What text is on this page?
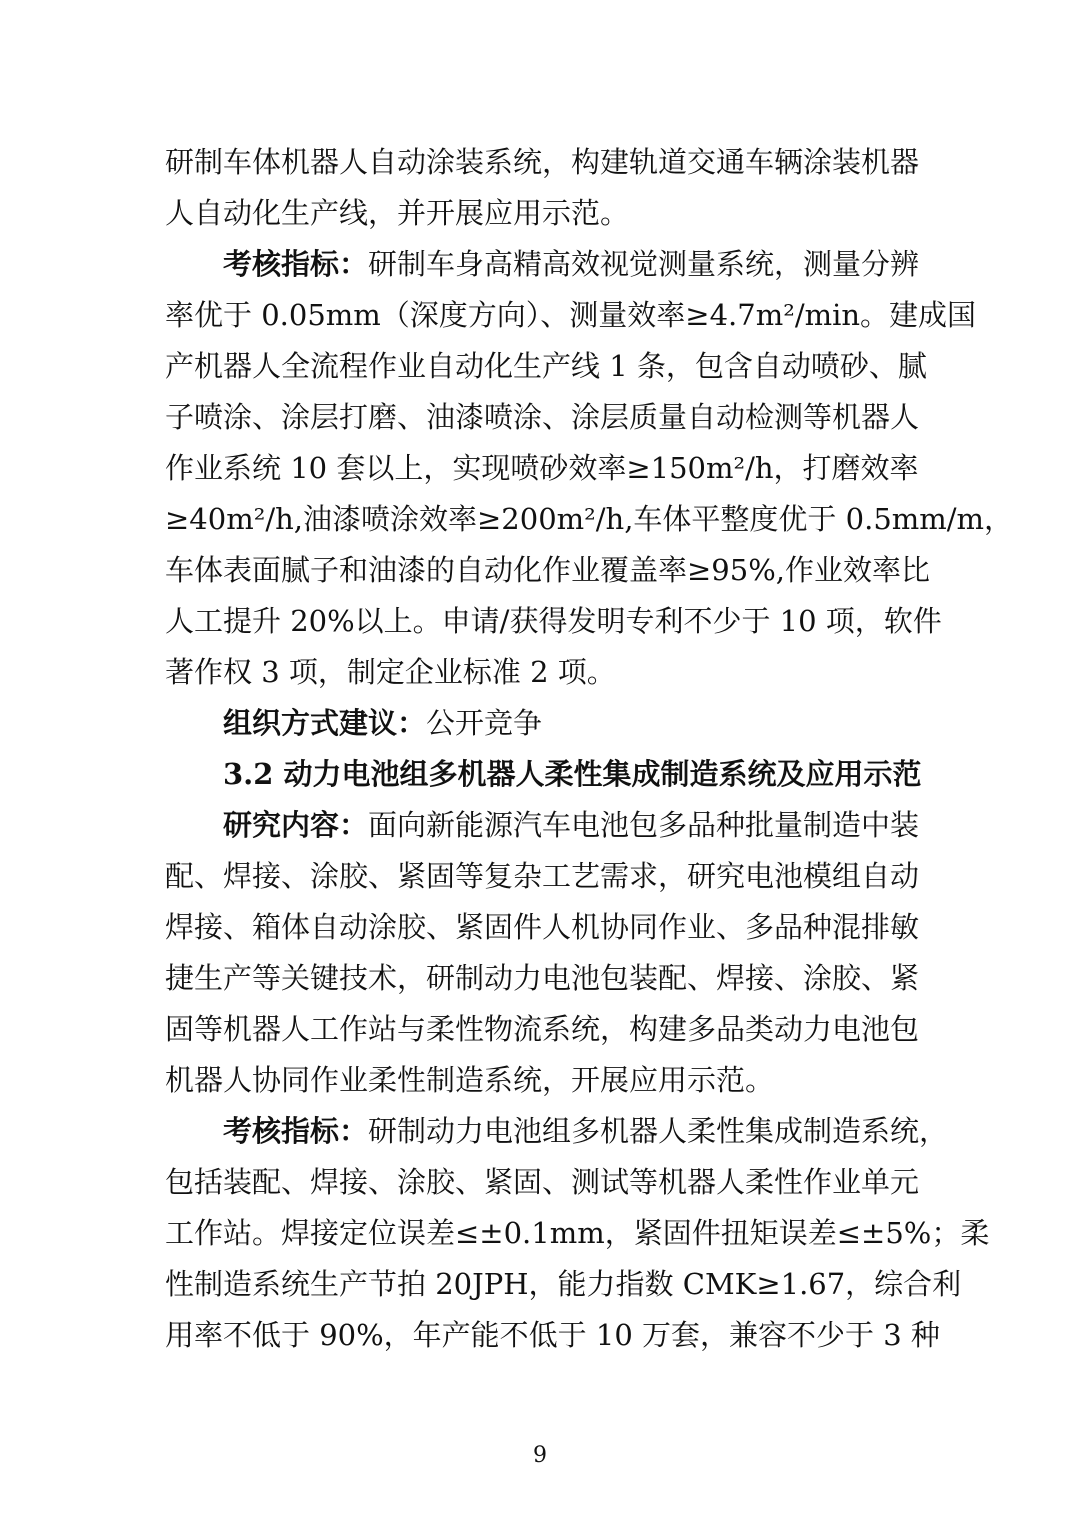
研制车体机器人自动涂装系统，构建轨道交通车辆涂装机器
人自动化生产线，并开展应用示范。
考核指标：研制车身高精高效视觉测量系统，测量分辨
率优于 0.05mm（深度方向）、测量效率≥4.7m²/min。建成国
产机器人全流程作业自动化生产线 1 条，包含自动喷砂、腻
子喷涂、涂层打磨、油漆喷涂、涂层质量自动检测等机器人
作业系统 10 套以上，实现喷砂效率≥150m²/h，打磨效率
≥40m²/h,油漆喷涂效率≥200m²/h,车体平整度优于 0.5mm/m，
车体表面腻子和油漆的自动化作业覆盖率≥95%,作业效率比
人工提升 20%以上。申请/获得发明专利不少于 10 项，软件
著作权 3 项，制定企业标准 2 项。
组织方式建议：公开竞争
3.2 动力电池组多机器人柔性集成制造系统及应用示范
研究内容：面向新能源汽车电池包多品种批量制造中装
配、焊接、涂胶、紧固等复杂工艺需求，研究电池模组自动
焊接、箱体自动涂胶、紧固件人机协同作业、多品种混排敏
捷生产等关键技术，研制动力电池包装配、焊接、涂胶、紧
固等机器人工作站与柔性物流系统，构建多品类动力电池包
机器人协同作业柔性制造系统，开展应用示范。
考核指标：研制动力电池组多机器人柔性集成制造系统，
包括装配、焊接、涂胶、紧固、测试等机器人柔性作业单元
工作站。焊接定位误差≤±0.1mm，紧固件扭矩误差≤±5%；柔
性制造系统生产节拍 20JPH，能力指数 CMK≥1.67，综合利
用率不低于 90%，年产能不低于 10 万套，兼容不少于 3 种
9
